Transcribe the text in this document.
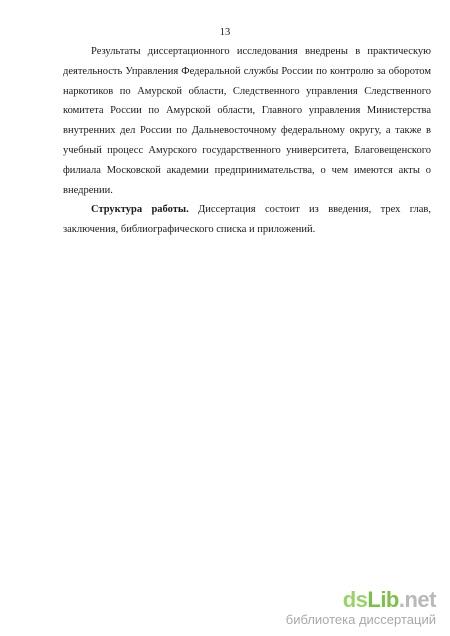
13

Результаты диссертационного исследования внедрены в практическую деятельность Управления Федеральной службы России по контролю за оборотом наркотиков по Амурской области, Следственного управления Следственного комитета России по Амурской области, Главного управления Министерства внутренних дел России по Дальневосточному федеральному округу, а также в учебный процесс Амурского государственного университета, Благовещенского филиала Московской академии предпринимательства, о чем имеются акты о внедрении.

Структура работы. Диссертация состоит из введения, трех глав, заключения, библиографического списка и приложений.

dsLib.net
библиотека диссертаций
